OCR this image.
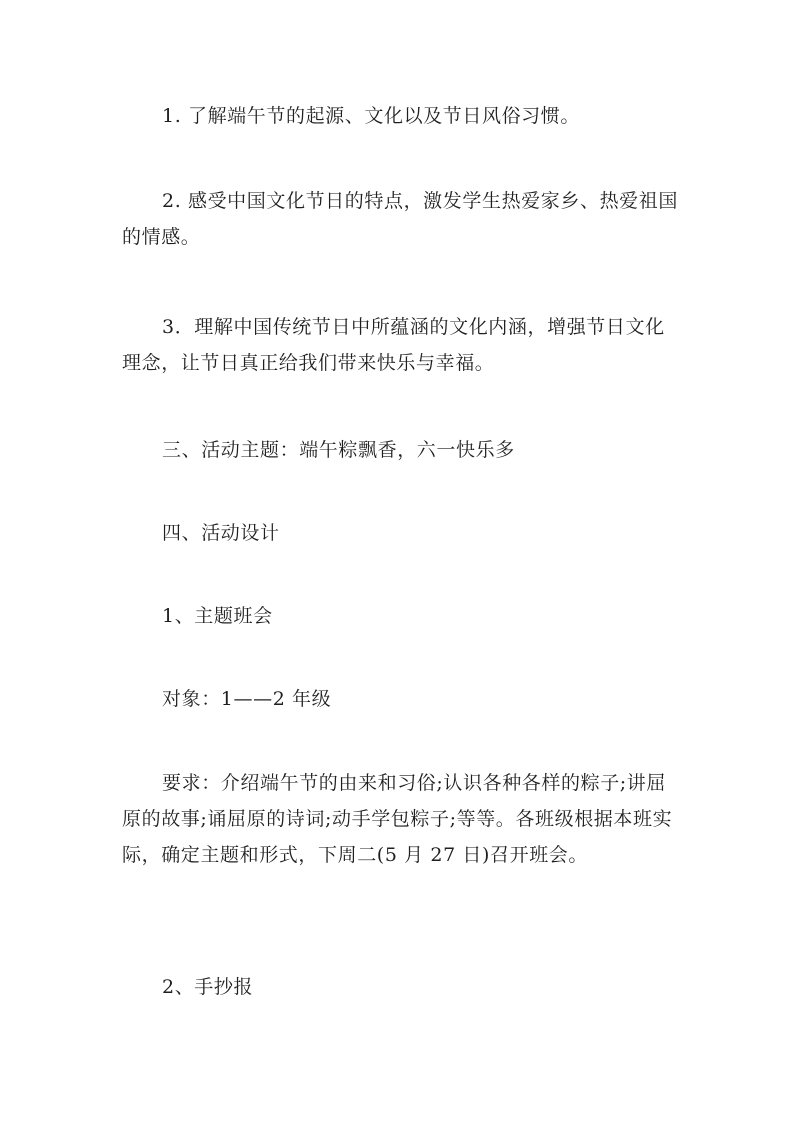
1. 了解端午节的起源、文化以及节日风俗习惯。

2. 感受中国文化节日的特点，激发学生热爱家乡、热爱祖国的情感。

3．理解中国传统节日中所蕴涵的文化内涵，增强节日文化理念，让节日真正给我们带来快乐与幸福。

三、活动主题：端午粽飘香，六一快乐多

四、活动设计

1、主题班会

对象：1——2 年级

要求：介绍端午节的由来和习俗;认识各种各样的粽子;讲屈原的故事;诵屈原的诗词;动手学包粽子;等等。各班级根据本班实际，确定主题和形式，下周二(5 月 27 日)召开班会。

2、手抄报
